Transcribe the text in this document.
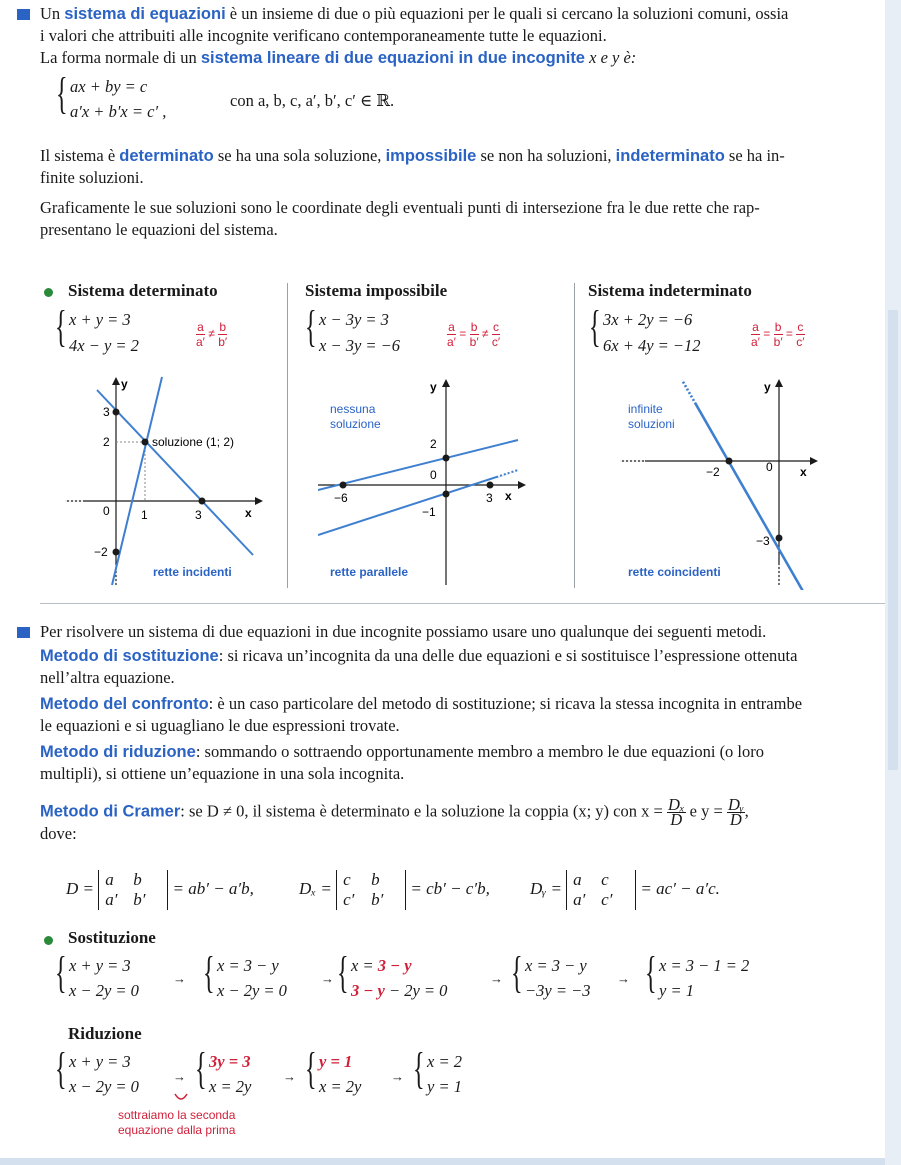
Un sistema di equazioni è un insieme di due o più equazioni per le quali si cercano la soluzioni comuni, ossia
i valori che attribuiti alle incognite verificano contemporaneamente tutte le equazioni.
La forma normale di un sistema lineare di due equazioni in due incognite x e y è:
{ ax + by = c
a′x + b′x = c′ ,
con a, b, c, a′, b′, c′ ∈ ℝ.
Il sistema è determinato se ha una sola soluzione, impossibile se non ha soluzioni, indeterminato se ha in-
finite soluzioni.
Graficamente le sue soluzioni sono le coordinate degli eventuali punti di intersezione fra le due rette che rap-
presentano le equazioni del sistema.
Sistema determinato	Sistema impossibile	Sistema indeterminato
{ x + y = 3
4x − y = 2	$\frac{a}{a'} \ne \frac{b}{b'}$ { x − 3y = 3
x − 3y = −6	$\frac{a}{a'} = \frac{b}{b'} \ne \frac{c}{c'}$ { 3x + 2y = −6
6x + 4y = −12	$\frac{a}{a'} = \frac{b}{b'} = \frac{c}{c'}$
y
x
3
2
0	1	3
−2
soluzione (1; 2)
rette incidenti
y
x
nessuna
soluzione
2
0
−6	3
−1
rette parallele
y
x
infinite
soluzioni
−2	0
−3
rette coincidenti
Per risolvere un sistema di due equazioni in due incognite possiamo usare uno qualunque dei seguenti metodi.
Metodo di sostituzione: si ricava un’incognita da una delle due equazioni e si sostituisce l’espressione ottenuta
nell’altra equazione.
Metodo del confronto: è un caso particolare del metodo di sostituzione; si ricava la stessa incognita in entrambe
le equazioni e si uguagliano le due espressioni trovate.
Metodo di riduzione: sommando o sottraendo opportunamente membro a membro le due equazioni (o loro
multipli), si ottiene un’equazione in una sola incognita.
Metodo di Cramer: se D ≠ 0, il sistema è determinato e la soluzione la coppia (x; y) con $x = \frac{\text{Dₓ}}{D}$ e $y = \frac{\text{Dᵧ}}{D}$ ,
dove:
D = a b
a′ b′ = ab′ − a′b,	Dₓ = c b
c′ b′ = cb′ − c′b, Dᵧ = a c
a′ c′ = ac′ − a′c.
Sostituzione
{ x + y = 3
x − 2y = 0
→ { x = 3 − y
x − 2y = 0
→ { x = 3 − y
3 − y − 2y = 0
→ { x = 3 − y
−3y = −3
→ { x = 3 − 1 = 2
y = 1
Riduzione
{ x + y = 3
x − 2y = 0
→ { 3y = 3
x = 2y
→ { y = 1
x = 2y
→ { x = 2
y = 1
sottraiamo la seconda
equazione dalla prima
